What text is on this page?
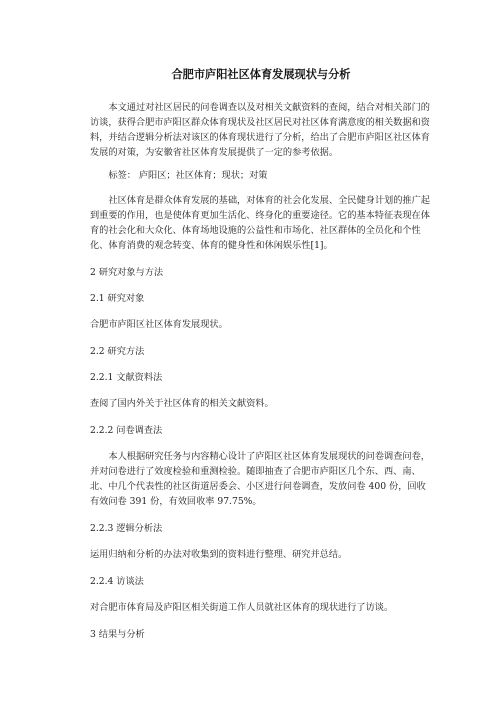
合肥市庐阳社区体育发展现状与分析

本文通过对社区居民的问卷调查以及对相关文献资料的查阅，结合对相关部门的访谈，获得合肥市庐阳区群众体育现状及社区居民对社区体育满意度的相关数据和资料，并结合逻辑分析法对该区的体育现状进行了分析，给出了合肥市庐阳区社区体育发展的对策，为安徽省社区体育发展提供了一定的参考依据。

标签： 庐阳区；社区体育；现状；对策

社区体育是群众体育发展的基础，对体育的社会化发展、全民健身计划的推广起到重要的作用，也是使体育更加生活化、终身化的重要途径。它的基本特征表现在体育的社会化和大众化、体育场地设施的公益性和市场化、社区群体的全员化和个性化、体育消费的观念转变、体育的健身性和休闲娱乐性[1]。

2 研究对象与方法

2.1 研究对象

合肥市庐阳区社区体育发展现状。

2.2 研究方法

2.2.1 文献资料法

查阅了国内外关于社区体育的相关文献资料。

2.2.2 问卷调查法

本人根据研究任务与内容精心设计了庐阳区社区体育发展现状的问卷调查问卷，并对问卷进行了效度检验和重测检验。随即抽查了合肥市庐阳区几个东、西、南、北、中几个代表性的社区街道居委会、小区进行问卷调查，发放问卷 400 份，回收有效问卷 391 份，有效回收率 97.75%。

2.2.3 逻辑分析法

运用归纳和分析的办法对收集到的资料进行整理、研究并总结。

2.2.4 访谈法

对合肥市体育局及庐阳区相关街道工作人员就社区体育的现状进行了访谈。

3 结果与分析
